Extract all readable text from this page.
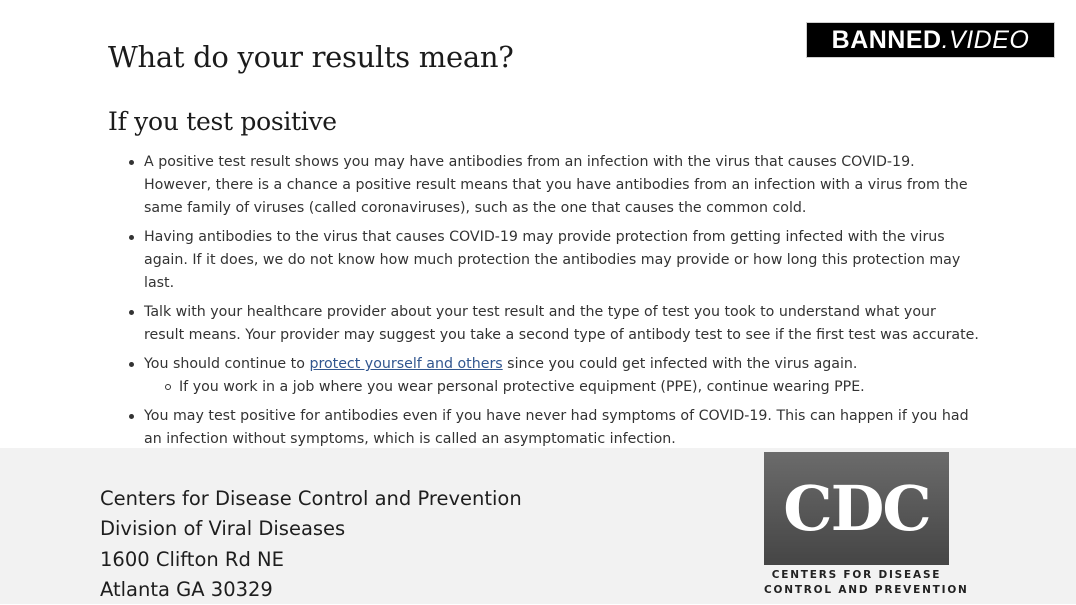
What do your results mean?
If you test positive
A positive test result shows you may have antibodies from an infection with the virus that causes COVID-19. However, there is a chance a positive result means that you have antibodies from an infection with a virus from the same family of viruses (called coronaviruses), such as the one that causes the common cold.
Having antibodies to the virus that causes COVID-19 may provide protection from getting infected with the virus again. If it does, we do not know how much protection the antibodies may provide or how long this protection may last.
Talk with your healthcare provider about your test result and the type of test you took to understand what your result means. Your provider may suggest you take a second type of antibody test to see if the first test was accurate.
You should continue to protect yourself and others since you could get infected with the virus again.
If you work in a job where you wear personal protective equipment (PPE), continue wearing PPE.
You may test positive for antibodies even if you have never had symptoms of COVID-19. This can happen if you had an infection without symptoms, which is called an asymptomatic infection.
BANNED .VIDEO
Centers for Disease Control and Prevention
Division of Viral Diseases
1600 Clifton Rd NE
Atlanta GA 30329
CDC
CENTERS FOR DISEASE
CONTROL AND PREVENTION
